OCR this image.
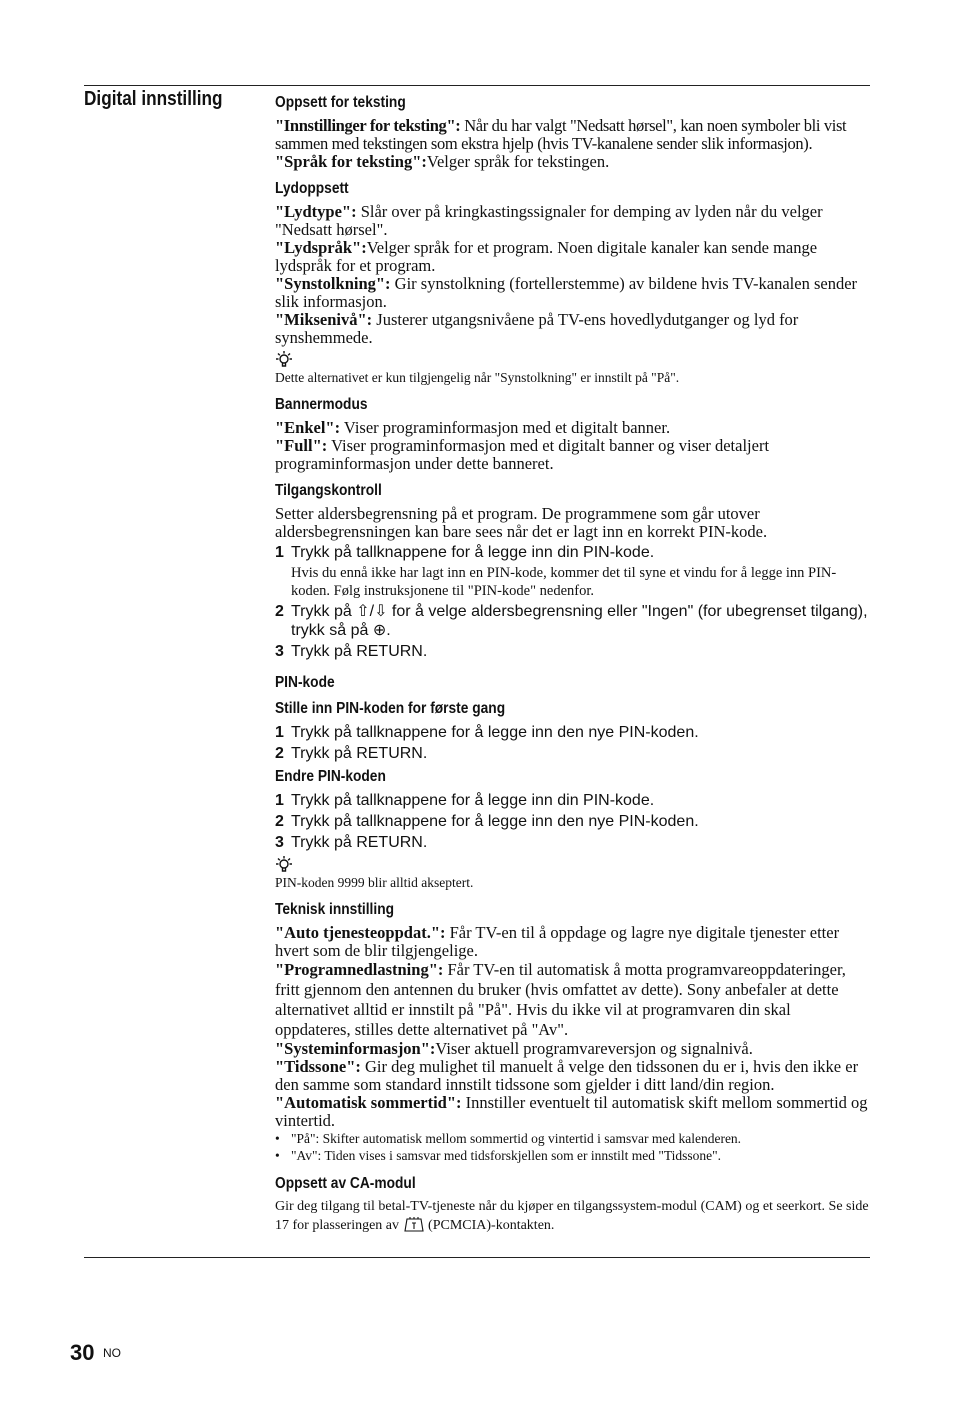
Digital innstilling	Oppsett for teksting

"Innstillinger for teksting": Når du har valgt "Nedsatt hørsel", kan noen symboler bli vist sammen med tekstingen som ekstra hjelp (hvis TV-kanalene sender slik informasjon).

"Språk for teksting":Velger språk for tekstingen.

Lydoppsett

"Lydtype": Slår over på kringkastingssignaler for demping av lyden når du velger "Nedsatt hørsel".

"Lydspråk":Velger språk for et program. Noen digitale kanaler kan sende mange lydspråk for et program.

"Synstolkning": Gir synstolkning (fortellerstemme) av bildene hvis TV-kanalen sender slik informasjon.

"Miksenivå": Justerer utgangsnivåene på TV-ens hovedlydutganger og lyd for synshemmede.

Dette alternativet er kun tilgjengelig når "Synstolkning" er innstilt på "På".

Bannermodus

"Enkel": Viser programinformasjon med et digitalt banner.

"Full": Viser programinformasjon med et digitalt banner og viser detaljert programinformasjon under dette banneret.

Tilgangskontroll

Setter aldersbegrensning på et program. De programmene som går utover aldersbegrensningen kan bare sees når det er lagt inn en korrekt PIN-kode.

1 Trykk på tallknappene for å legge inn din PIN-kode.

Hvis du ennå ikke har lagt inn en PIN-kode, kommer det til syne et vindu for å legge inn PIN-koden. Følg instruksjonene til "PIN-kode" nedenfor.

2 Trykk på ⇧/⇩ for å velge aldersbegrensning eller "Ingen" (for ubegrenset tilgang), trykk så på ⊕.
3 Trykk på RETURN.
PIN-kode
Stille inn PIN-koden for første gang
1 Trykk på tallknappene for å legge inn den nye PIN-koden.
2 Trykk på RETURN.
Endre PIN-koden
1 Trykk på tallknappene for å legge inn din PIN-kode.
2 Trykk på tallknappene for å legge inn den nye PIN-koden.
3 Trykk på RETURN.

PIN-koden 9999 blir alltid akseptert.

Teknisk innstilling

"Auto tjenesteoppdat.": Får TV-en til å oppdage og lagre nye digitale tjenester etter hvert som de blir tilgjengelige.

"Programnedlastning": Får TV-en til automatisk å motta programvareoppdateringer, fritt gjennom den antennen du bruker (hvis omfattet av dette). Sony anbefaler at dette alternativet alltid er innstilt på "På". Hvis du ikke vil at programvaren din skal oppdateres, stilles dette alternativet på "Av".

"Systeminformasjon":Viser aktuell programvareversjon og signalnivå.

"Tidssone": Gir deg mulighet til manuelt å velge den tidssonen du er i, hvis den ikke er den samme som standard innstilt tidssone som gjelder i ditt land/din region.

"Automatisk sommertid": Innstiller eventuelt til automatisk skift mellom sommertid og vintertid.

• "På": Skifter automatisk mellom sommertid og vintertid i samsvar med kalenderen.
• "Av": Tiden vises i samsvar med tidsforskjellen som er innstilt med "Tidssone".
Oppsett av CA-modul

Gir deg tilgang til betal-TV-tjeneste når du kjøper en tilgangssystem-modul (CAM) og et seerkort. Se side 17 for plasseringen av  (PCMCIA)-kontakten.

30 NO
